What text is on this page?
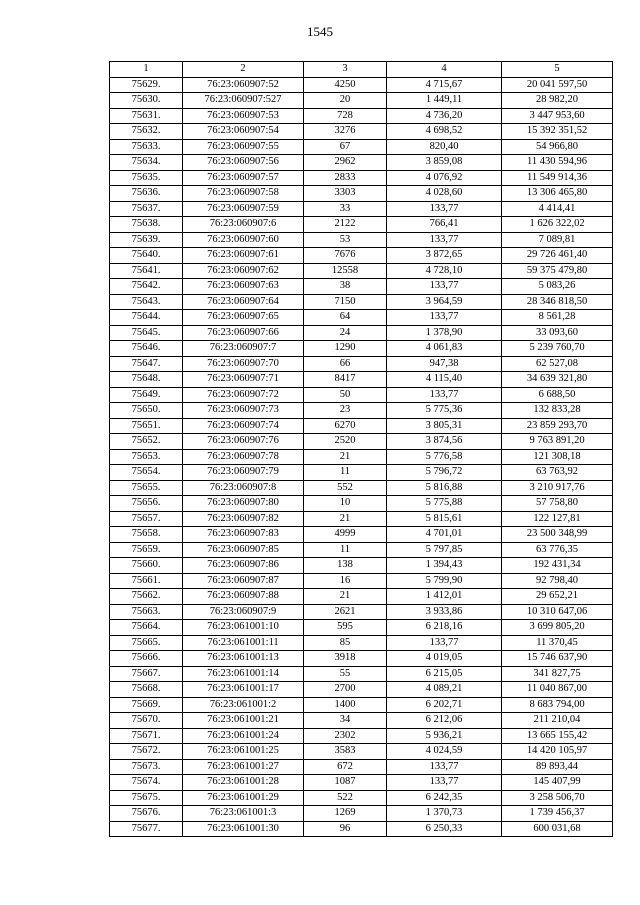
1545
1	2	3	4	5
75629.	76:23:060907:52	4250	4 715,67	20 041 597,50
75630.	76:23:060907:527	20	1 449,11	28 982,20
75631.	76:23:060907:53	728	4 736,20	3 447 953,60
75632.	76:23:060907:54	3276	4 698,52	15 392 351,52
75633.	76:23:060907:55	67	820,40	54 966,80
75634.	76:23:060907:56	2962	3 859,08	11 430 594,96
75635.	76:23:060907:57	2833	4 076,92	11 549 914,36
75636.	76:23:060907:58	3303	4 028,60	13 306 465,80
75637.	76:23:060907:59	33	133,77	4 414,41
75638.	76:23:060907:6	2122	766,41	1 626 322,02
75639.	76:23:060907:60	53	133,77	7 089,81
75640.	76:23:060907:61	7676	3 872,65	29 726 461,40
75641.	76:23:060907:62	12558	4 728,10	59 375 479,80
75642.	76:23:060907:63	38	133,77	5 083,26
75643.	76:23:060907:64	7150	3 964,59	28 346 818,50
75644.	76:23:060907:65	64	133,77	8 561,28
75645.	76:23:060907:66	24	1 378,90	33 093,60
75646.	76:23:060907:7	1290	4 061,83	5 239 760,70
75647.	76:23:060907:70	66	947,38	62 527,08
75648.	76:23:060907:71	8417	4 115,40	34 639 321,80
75649.	76:23:060907:72	50	133,77	6 688,50
75650.	76:23:060907:73	23	5 775,36	132 833,28
75651.	76:23:060907:74	6270	3 805,31	23 859 293,70
75652.	76:23:060907:76	2520	3 874,56	9 763 891,20
75653.	76:23:060907:78	21	5 776,58	121 308,18
75654.	76:23:060907:79	11	5 796,72	63 763,92
75655.	76:23:060907:8	552	5 816,88	3 210 917,76
75656.	76:23:060907:80	10	5 775,88	57 758,80
75657.	76:23:060907:82	21	5 815,61	122 127,81
75658.	76:23:060907:83	4999	4 701,01	23 500 348,99
75659.	76:23:060907:85	11	5 797,85	63 776,35
75660.	76:23:060907:86	138	1 394,43	192 431,34
75661.	76:23:060907:87	16	5 799,90	92 798,40
75662.	76:23:060907:88	21	1 412,01	29 652,21
75663.	76:23:060907:9	2621	3 933,86	10 310 647,06
75664.	76:23:061001:10	595	6 218,16	3 699 805,20
75665.	76:23:061001:11	85	133,77	11 370,45
75666.	76:23:061001:13	3918	4 019,05	15 746 637,90
75667.	76:23:061001:14	55	6 215,05	341 827,75
75668.	76:23:061001:17	2700	4 089,21	11 040 867,00
75669.	76:23:061001:2	1400	6 202,71	8 683 794,00
75670.	76:23:061001:21	34	6 212,06	211 210,04
75671.	76:23:061001:24	2302	5 936,21	13 665 155,42
75672.	76:23:061001:25	3583	4 024,59	14 420 105,97
75673.	76:23:061001:27	672	133,77	89 893,44
75674.	76:23:061001:28	1087	133,77	145 407,99
75675.	76:23:061001:29	522	6 242,35	3 258 506,70
75676.	76:23:061001:3	1269	1 370,73	1 739 456,37
75677.	76:23:061001:30	96	6 250,33	600 031,68
